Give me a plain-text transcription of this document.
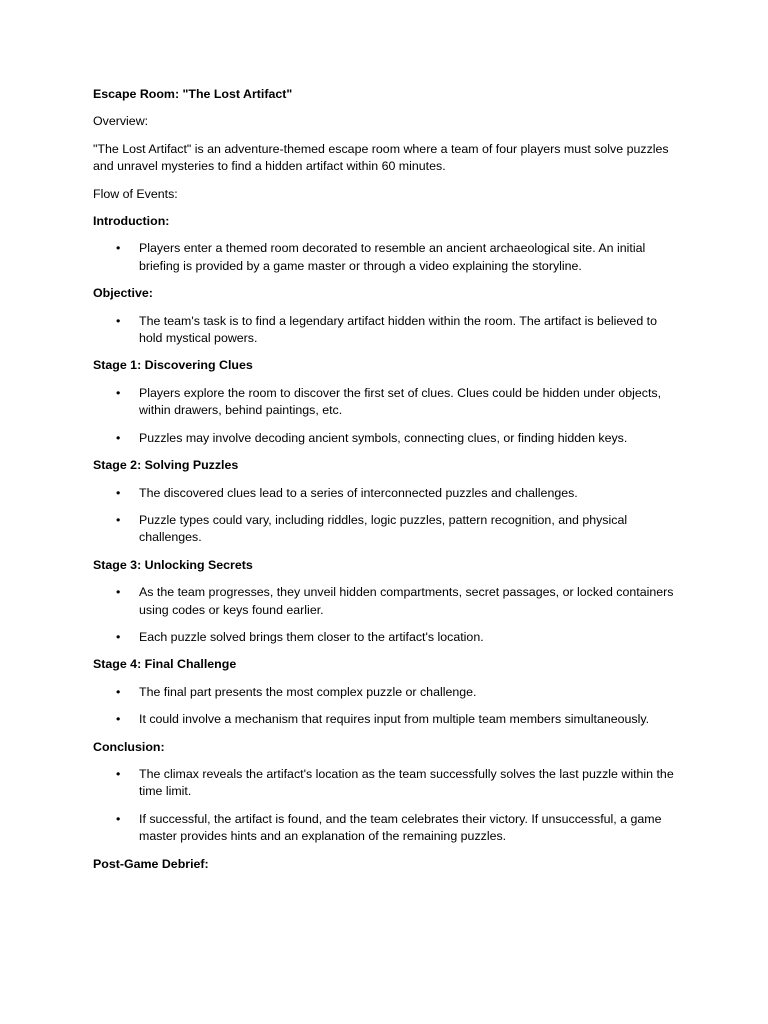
Escape Room: "The Lost Artifact"

Overview:

"The Lost Artifact" is an adventure-themed escape room where a team of four players must solve puzzles and unravel mysteries to find a hidden artifact within 60 minutes.

Flow of Events:

Introduction:

• Players enter a themed room decorated to resemble an ancient archaeological site. An initial briefing is provided by a game master or through a video explaining the storyline.

Objective:

• The team's task is to find a legendary artifact hidden within the room. The artifact is believed to hold mystical powers.

Stage 1: Discovering Clues

• Players explore the room to discover the first set of clues. Clues could be hidden under objects, within drawers, behind paintings, etc.
• Puzzles may involve decoding ancient symbols, connecting clues, or finding hidden keys.

Stage 2: Solving Puzzles

• The discovered clues lead to a series of interconnected puzzles and challenges.
• Puzzle types could vary, including riddles, logic puzzles, pattern recognition, and physical challenges.

Stage 3: Unlocking Secrets

• As the team progresses, they unveil hidden compartments, secret passages, or locked containers using codes or keys found earlier.
• Each puzzle solved brings them closer to the artifact's location.

Stage 4: Final Challenge

• The final part presents the most complex puzzle or challenge.
• It could involve a mechanism that requires input from multiple team members simultaneously.

Conclusion:

• The climax reveals the artifact's location as the team successfully solves the last puzzle within the time limit.
• If successful, the artifact is found, and the team celebrates their victory. If unsuccessful, a game master provides hints and an explanation of the remaining puzzles.

Post-Game Debrief:
